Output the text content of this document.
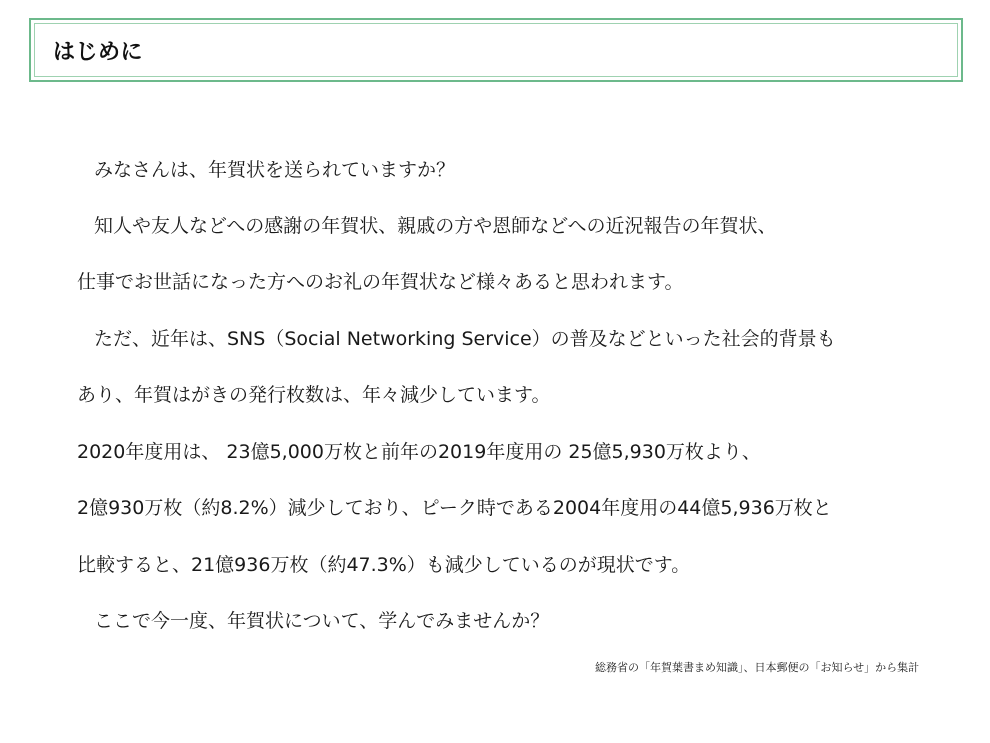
はじめに
みなさんは、年賀状を送られていますか？
知人や友人などへの感謝の年賀状、親戚の方や恩師などへの近況報告の年賀状、
仕事でお世話になった方へのお礼の年賀状など様々あると思われます。
ただ、近年は、SNS（Social Networking Service）の普及などといった社会的背景も
あり、年賀はがきの発行枚数は、年々減少しています。
2020年度用は、 23億5,000万枚と前年の2019年度用の 25億5,930万枚より、
2億930万枚（約8.2%）減少しており、ピーク時である2004年度用の44億5,936万枚と
比較すると、21億936万枚（約47.3%）も減少しているのが現状です。
ここで今一度、年賀状について、学んでみませんか？
総務省の「年賀葉書まめ知識」、日本郵便の「お知らせ」から集計
